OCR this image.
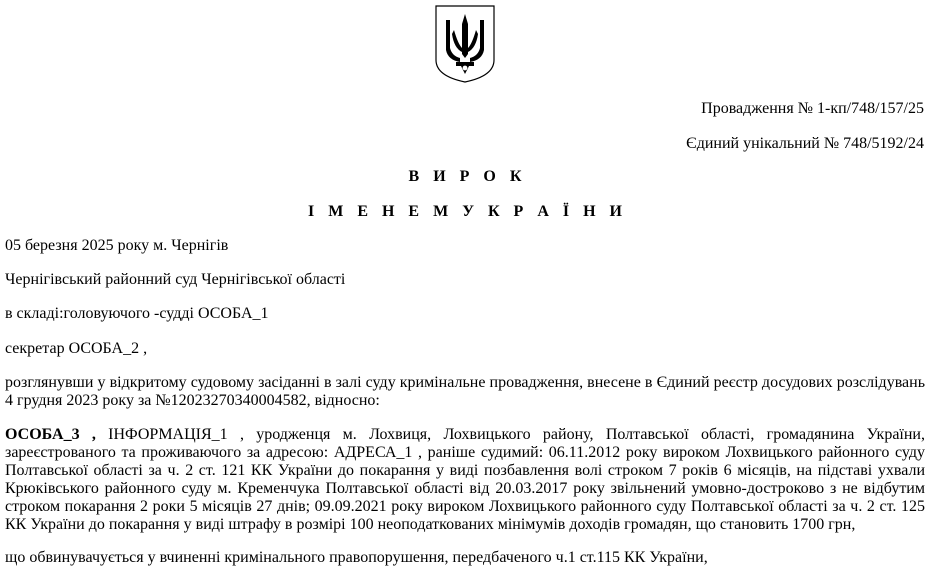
Провадження № 1-кп/748/157/25
Єдиний унікальний № 748/5192/24
В И Р О К
І М Е Н Е М У К Р А Ї Н И

05 березня 2025 року м. Чернігів

Чернігівський районний суд Чернігівської області

в складі:головуючого -судді ОСОБА_1

секретар ОСОБА_2 ,

розглянувши у відкритому судовому засіданні в залі суду кримінальне провадження, внесене в Єдиний реєстр досудових розслідувань 4 грудня 2023 року за №12023270340004582, відносно:

ОСОБА_3 , ІНФОРМАЦІЯ_1 , уродженця м. Лохвиця, Лохвицького району, Полтавської області, громадянина України, зареєстрованого та проживаючого за адресою: АДРЕСА_1 , раніше судимий: 06.11.2012 року вироком Лохвицького районного суду Полтавської області за ч. 2 ст. 121 КК України до покарання у виді позбавлення волі строком 7 років 6 місяців, на підставі ухвали Крюківського районного суду м. Кременчука Полтавської області від 20.03.2017 року звільнений умовно-достроково з не відбутим строком покарання 2 роки 5 місяців 27 днів; 09.09.2021 року вироком Лохвицького районного суду Полтавської області за ч. 2 ст. 125 КК України до покарання у виді штрафу в розмірі 100 неоподаткованих мінімумів доходів громадян, що становить 1700 грн,

що обвинувачується у вчиненні кримінального правопорушення, передбаченого ч.1 ст.115 КК України,
